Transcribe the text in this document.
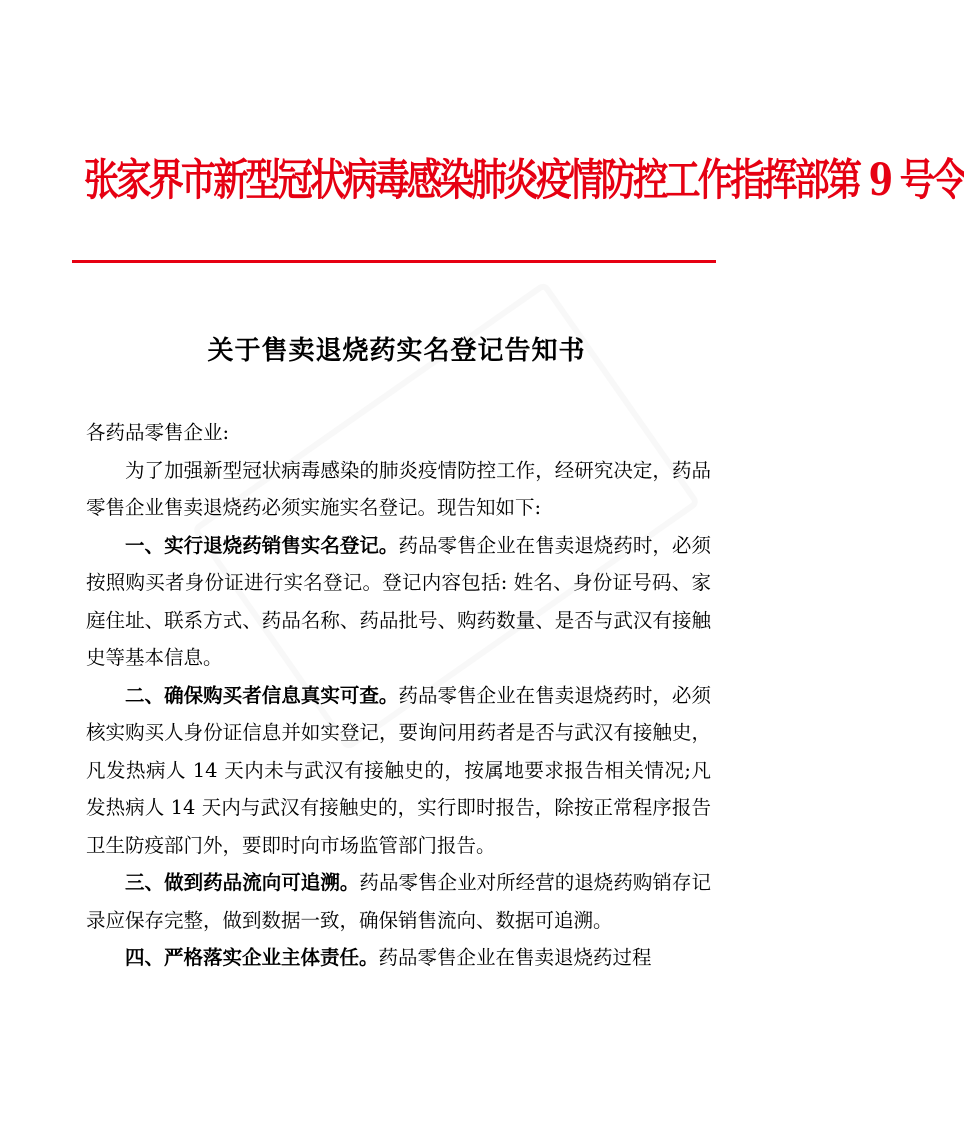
张家界市新型冠状病毒感染肺炎疫情防控工作指挥部第 9 号令
关于售卖退烧药实名登记告知书

各药品零售企业:

为了加强新型冠状病毒感染的肺炎疫情防控工作，经研究决定，药品零售企业售卖退烧药必须实施实名登记。现告知如下:

一、实行退烧药销售实名登记。药品零售企业在售卖退烧药时，必须按照购买者身份证进行实名登记。登记内容包括: 姓名、身份证号码、家庭住址、联系方式、药品名称、药品批号、购药数量、是否与武汉有接触史等基本信息。

二、确保购买者信息真实可查。药品零售企业在售卖退烧药时，必须核实购买人身份证信息并如实登记，要询问用药者是否与武汉有接触史，凡发热病人 14 天内未与武汉有接触史的，按属地要求报告相关情况;凡发热病人 14 天内与武汉有接触史的，实行即时报告，除按正常程序报告卫生防疫部门外，要即时向市场监管部门报告。

三、做到药品流向可追溯。药品零售企业对所经营的退烧药购销存记录应保存完整，做到数据一致，确保销售流向、数据可追溯。

四、严格落实企业主体责任。药品零售企业在售卖退烧药过程
